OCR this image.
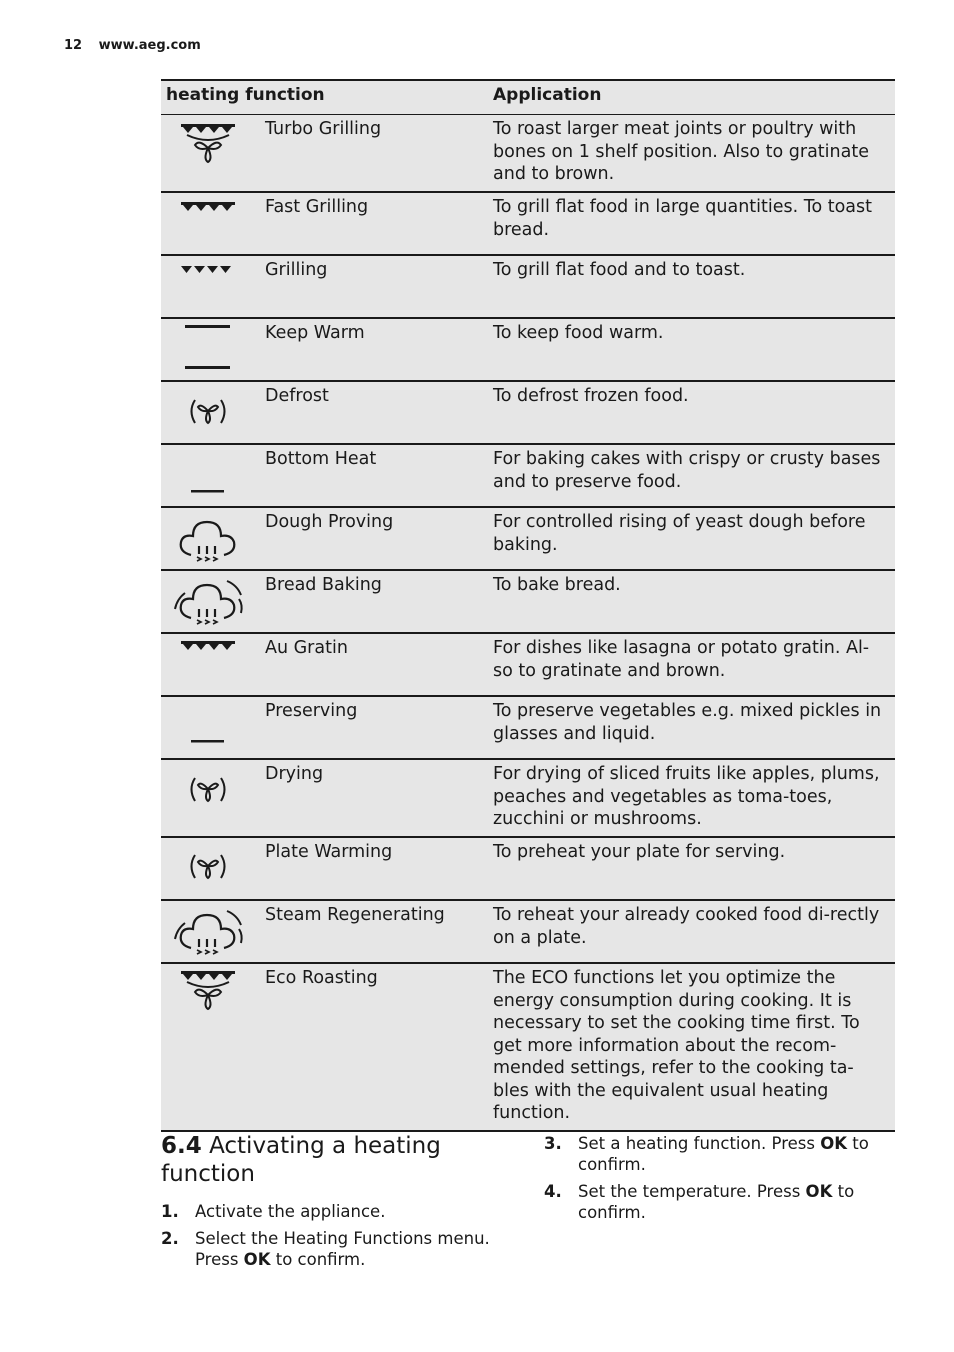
12 www.aeg.com
heating function	Application
Turbo Grilling	To roast larger meat joints or poultry with bones on 1 shelf position. Also to gratinate and to brown.
Fast Grilling	To grill flat food in large quantities. To toast bread.
Grilling	To grill flat food and to toast.
Keep Warm	To keep food warm.
Defrost	To defrost frozen food.
Bottom Heat	For baking cakes with crispy or crusty bases and to preserve food.
Dough Proving	For controlled rising of yeast dough before baking.
Bread Baking	To bake bread.
Au Gratin	For dishes like lasagna or potato gratin. Al-so to gratinate and brown.
Preserving	To preserve vegetables e.g. mixed pickles in glasses and liquid.
Drying	For drying of sliced fruits like apples, plums, peaches and vegetables as toma-toes, zucchini or mushrooms.
Plate Warming	To preheat your plate for serving.
Steam Regenerating	To reheat your already cooked food di-rectly on a plate.
Eco Roasting	The ECO functions let you optimize the energy consumption during cooking. It is necessary to set the cooking time first. To get more information about the recom-mended settings, refer to the cooking ta-bles with the equivalent usual heating function.
6.4 Activating a heating function
1. Activate the appliance.
2. Select the Heating Functions menu. Press OK to confirm.
3. Set a heating function. Press OK to confirm.
4. Set the temperature. Press OK to confirm.
